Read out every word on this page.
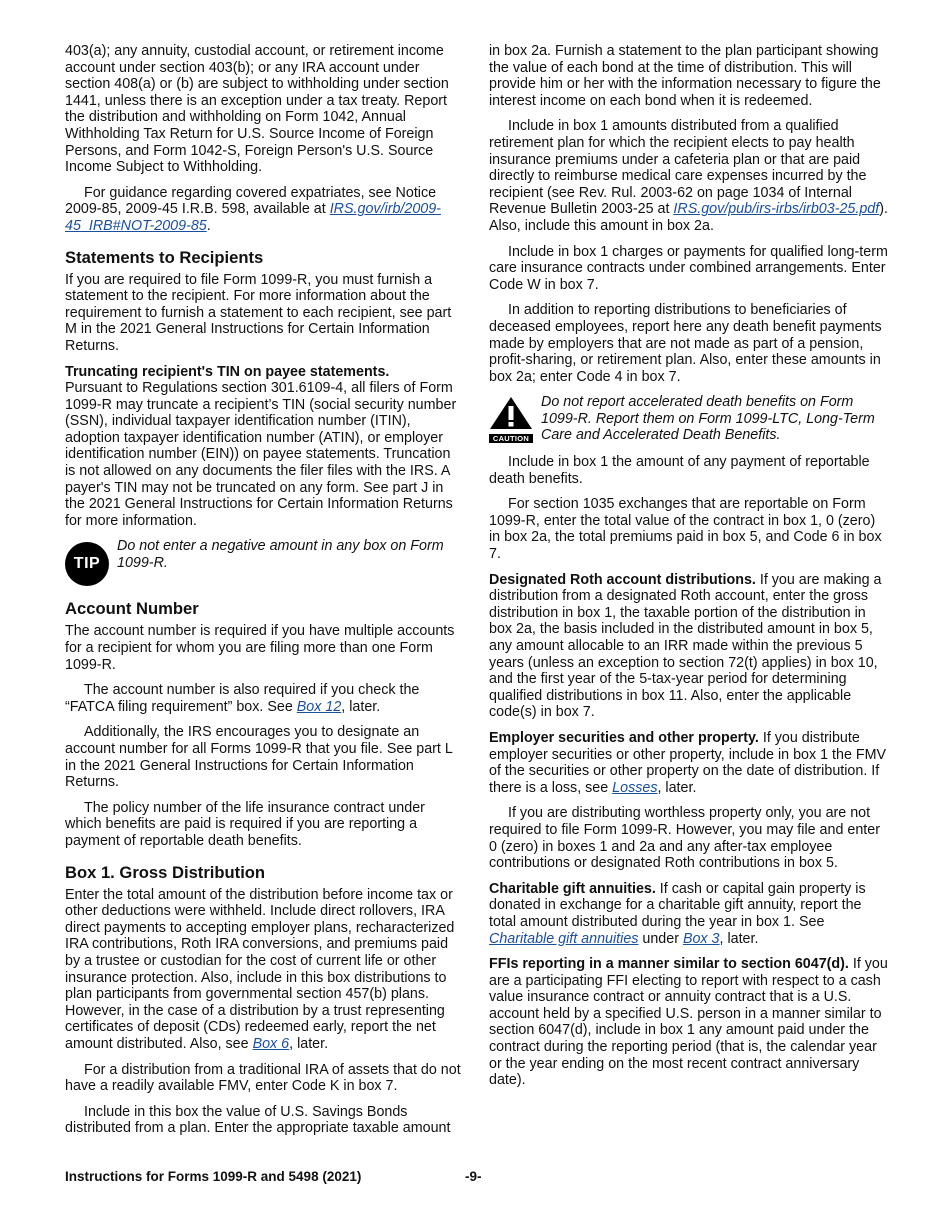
403(a); any annuity, custodial account, or retirement income account under section 403(b); or any IRA account under section 408(a) or (b) are subject to withholding under section 1441, unless there is an exception under a tax treaty. Report the distribution and withholding on Form 1042, Annual Withholding Tax Return for U.S. Source Income of Foreign Persons, and Form 1042-S, Foreign Person's U.S. Source Income Subject to Withholding.

For guidance regarding covered expatriates, see Notice 2009-85, 2009-45 I.R.B. 598, available at IRS.gov/irb/2009-45_IRB#NOT-2009-85.

Statements to Recipients

If you are required to file Form 1099-R, you must furnish a statement to the recipient. For more information about the requirement to furnish a statement to each recipient, see part M in the 2021 General Instructions for Certain Information Returns.

Truncating recipient's TIN on payee statements.
Pursuant to Regulations section 301.6109-4, all filers of Form 1099-R may truncate a recipient’s TIN (social security number (SSN), individual taxpayer identification number (ITIN), adoption taxpayer identification number (ATIN), or employer identification number (EIN)) on payee statements. Truncation is not allowed on any documents the filer files with the IRS. A payer's TIN may not be truncated on any form. See part J in the 2021 General Instructions for Certain Information Returns for more information.

TIP
Do not enter a negative amount in any box on Form 1099-R.
Account Number

The account number is required if you have multiple accounts for a recipient for whom you are filing more than one Form 1099-R.

The account number is also required if you check the “FATCA filing requirement” box. See Box 12, later.

Additionally, the IRS encourages you to designate an account number for all Forms 1099-R that you file. See part L in the 2021 General Instructions for Certain Information Returns.

The policy number of the life insurance contract under which benefits are paid is required if you are reporting a payment of reportable death benefits.

Box 1. Gross Distribution

Enter the total amount of the distribution before income tax or other deductions were withheld. Include direct rollovers, IRA direct payments to accepting employer plans, recharacterized IRA contributions, Roth IRA conversions, and premiums paid by a trustee or custodian for the cost of current life or other insurance protection. Also, include in this box distributions to plan participants from governmental section 457(b) plans. However, in the case of a distribution by a trust representing certificates of deposit (CDs) redeemed early, report the net amount distributed. Also, see Box 6, later.

For a distribution from a traditional IRA of assets that do not have a readily available FMV, enter Code K in box 7.

Include in this box the value of U.S. Savings Bonds distributed from a plan. Enter the appropriate taxable amount

in box 2a. Furnish a statement to the plan participant showing the value of each bond at the time of distribution. This will provide him or her with the information necessary to figure the interest income on each bond when it is redeemed.

Include in box 1 amounts distributed from a qualified retirement plan for which the recipient elects to pay health insurance premiums under a cafeteria plan or that are paid directly to reimburse medical care expenses incurred by the recipient (see Rev. Rul. 2003-62 on page 1034 of Internal Revenue Bulletin 2003-25 at IRS.gov/pub/irs-irbs/irb03-25.pdf). Also, include this amount in box 2a.

Include in box 1 charges or payments for qualified long-term care insurance contracts under combined arrangements. Enter Code W in box 7.

In addition to reporting distributions to beneficiaries of deceased employees, report here any death benefit payments made by employers that are not made as part of a pension, profit-sharing, or retirement plan. Also, enter these amounts in box 2a; enter Code 4 in box 7.

CAUTION
Do not report accelerated death benefits on Form 1099-R. Report them on Form 1099-LTC, Long-Term Care and Accelerated Death Benefits.

Include in box 1 the amount of any payment of reportable death benefits.

For section 1035 exchanges that are reportable on Form 1099-R, enter the total value of the contract in box 1, 0 (zero) in box 2a, the total premiums paid in box 5, and Code 6 in box 7.

Designated Roth account distributions. If you are making a distribution from a designated Roth account, enter the gross distribution in box 1, the taxable portion of the distribution in box 2a, the basis included in the distributed amount in box 5, any amount allocable to an IRR made within the previous 5 years (unless an exception to section 72(t) applies) in box 10, and the first year of the 5-tax-year period for determining qualified distributions in box 11. Also, enter the applicable code(s) in box 7.

Employer securities and other property. If you distribute employer securities or other property, include in box 1 the FMV of the securities or other property on the date of distribution. If there is a loss, see Losses, later.

If you are distributing worthless property only, you are not required to file Form 1099-R. However, you may file and enter 0 (zero) in boxes 1 and 2a and any after-tax employee contributions or designated Roth contributions in box 5.

Charitable gift annuities. If cash or capital gain property is donated in exchange for a charitable gift annuity, report the total amount distributed during the year in box 1. See Charitable gift annuities under Box 3, later.

FFIs reporting in a manner similar to section 6047(d). If you are a participating FFI electing to report with respect to a cash value insurance contract or annuity contract that is a U.S. account held by a specified U.S. person in a manner similar to section 6047(d), include in box 1 any amount paid under the contract during the reporting period (that is, the calendar year or the year ending on the most recent contract anniversary date).

Instructions for Forms 1099-R and 5498 (2021)	-9-
